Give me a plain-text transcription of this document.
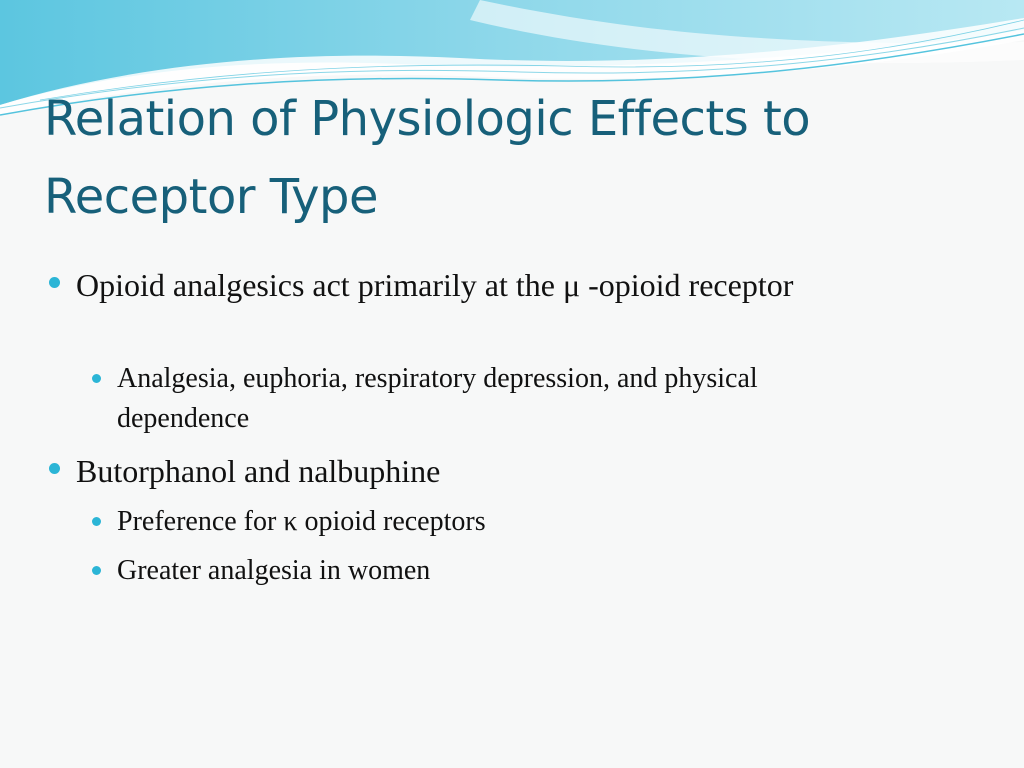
Relation of Physiologic Effects to
Receptor Type
Opioid analgesics act primarily at the μ -opioid receptor
Analgesia, euphoria, respiratory depression, and physical dependence
Butorphanol and nalbuphine
Preference for κ opioid receptors
Greater analgesia in women
